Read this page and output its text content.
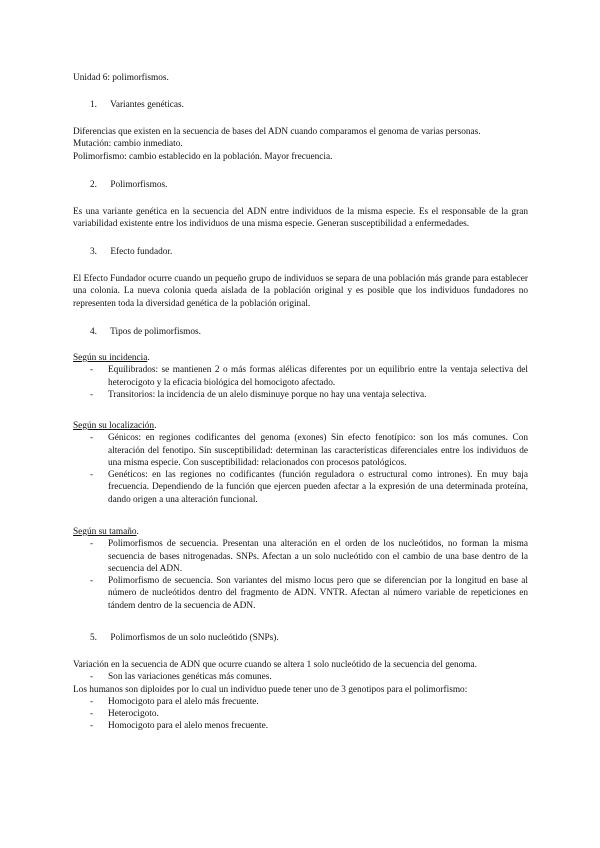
Unidad 6: polimorfismos.

1. Variantes genéticas.

Diferencias que existen en la secuencia de bases del ADN cuando comparamos el genoma de varias personas.

Mutación: cambio inmediato.

Polimorfismo: cambio establecido en la población. Mayor frecuencia.

2. Polimorfismos.

Es una variante genética en la secuencia del ADN entre individuos de la misma especie. Es el responsable de la gran variabilidad existente entre los individuos de una misma especie. Generan susceptibilidad a enfermedades.

3. Efecto fundador.

El Efecto Fundador ocurre cuando un pequeño grupo de individuos se separa de una población más grande para establecer una colonia. La nueva colonia queda aislada de la población original y es posible que los individuos fundadores no representen toda la diversidad genética de la población original.

4. Tipos de polimorfismos.

Según su incidencia.

- Equilibrados: se mantienen 2 o más formas alélicas diferentes por un equilibrio entre la ventaja selectiva del heterocigoto y la eficacia biológica del homocigoto afectado.
- Transitorios: la incidencia de un alelo disminuye porque no hay una ventaja selectiva.

Según su localización.

- Génicos: en regiones codificantes del genoma (exones) Sin efecto fenotípico: son los más comunes. Con alteración del fenotipo. Sin susceptibilidad: determinan las características diferenciales entre los individuos de una misma especie. Con susceptibilidad: relacionados con procesos patológicos.
- Genéticos: en las regiones no codificantes (función reguladora o estructural como intrones). En muy baja frecuencia. Dependiendo de la función que ejercen pueden afectar a la expresión de una determinada proteína, dando origen a una alteración funcional.

Según su tamaño.

- Polimorfismos de secuencia. Presentan una alteración en el orden de los nucleótidos, no forman la misma secuencia de bases nitrogenadas. SNPs. Afectan a un solo nucleótido con el cambio de una base dentro de la secuencia del ADN.
- Polimorfismo de secuencia. Son variantes del mismo locus pero que se diferencian por la longitud en base al número de nucleótidos dentro del fragmento de ADN. VNTR. Afectan al número variable de repeticiones en tándem dentro de la secuencia de ADN.
5. Polimorfismos de un solo nucleótido (SNPs).

Variación en la secuencia de ADN que ocurre cuando se altera 1 solo nucleótido de la secuencia del genoma.

- Son las variaciones genéticas más comunes.

Los humanos son diploides por lo cual un individuo puede tener uno de 3 genotipos para el polimorfismo:

- Homocigoto para el alelo más frecuente.
- Heterocigoto.
- Homocigoto para el alelo menos frecuente.
